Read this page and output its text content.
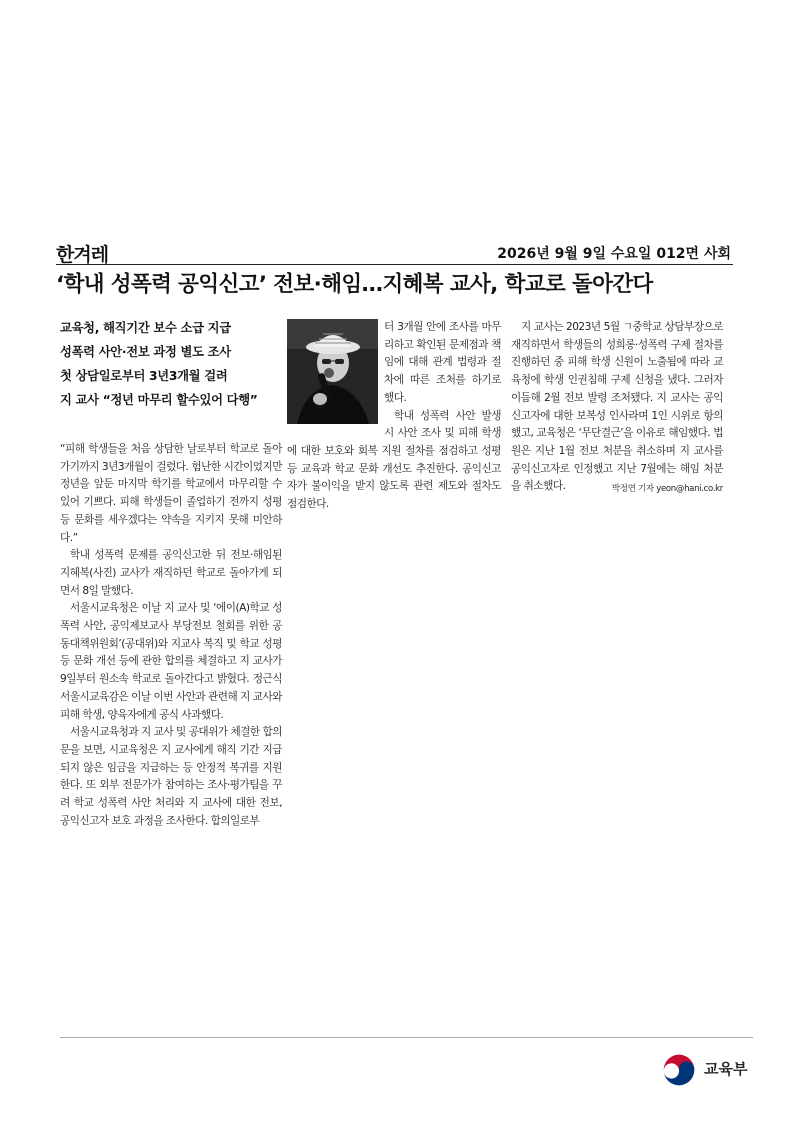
한겨레	2026년 9월 9일 수요일 012면 사회
‘학내 성폭력 공익신고’ 전보·해임…지혜복 교사, 학교로 돌아간다
교육청, 해직기간 보수 소급 지급
성폭력 사안·전보 과정 별도 조사
첫 상담일로부터 3년3개월 걸려
지 교사 “정년 마무리 할수있어 다행”

“피해 학생들을 처음 상담한 날로부터 학교로 돌아가기까지 3년3개월이 걸렸다. 험난한 시간이었지만 정년을 앞둔 마지막 학기를 학교에서 마무리할 수 있어 기쁘다. 피해 학생들이 졸업하기 전까지 성평등 문화를 세우겠다는 약속을 지키지 못해 미안하다.”

학내 성폭력 문제를 공익신고한 뒤 전보·해임된 지혜복(사진) 교사가 재직하던 학교로 돌아가게 되면서 8일 말했다.

서울시교육청은 이날 지 교사 및 ‘에이(A)학교 성폭력 사안, 공익제보교사 부당전보 철회를 위한 공동대책위원회’(공대위)와 지교사 복직 및 학교 성평등 문화 개선 등에 관한 합의를 체결하고 지 교사가 9일부터 원소속 학교로 돌아간다고 밝혔다. 정근식 서울시교육감은 이날 이번 사안과 관련해 지 교사와 피해 학생, 양육자에게 공식 사과했다.

서울시교육청과 지 교사 및 공대위가 체결한 합의문을 보면, 시교육청은 지 교사에게 해직 기간 지급되지 않은 임금을 지급하는 등 안정적 복귀를 지원한다. 또 외부 전문가가 참여하는 조사·평가팀을 꾸려 학교 성폭력 사안 처리와 지 교사에 대한 전보, 공익신고자 보호 과정을 조사한다. 합의일로부

터 3개월 안에 조사를 마무리하고 확인된 문제점과 책임에 대해 관계 법령과 절차에 따른 조처를 하기로 했다.

학내 성폭력 사안 발생 시 사안 조사 및 피해 학생에 대한 보호와 회복 지원 절차를 점검하고 성평등 교육과 학교 문화 개선도 추진한다. 공익신고자가 불이익을 받지 않도록 관련 제도와 절차도 점검한다.

지 교사는 2023년 5월 ㄱ중학교 상담부장으로 재직하면서 학생들의 성희롱·성폭력 구제 절차를 진행하던 중 피해 학생 신원이 노출됨에 따라 교육청에 학생 인권침해 구제 신청을 냈다. 그러자 이듬해 2월 전보 발령 조처됐다. 지 교사는 공익신고자에 대한 보복성 인사라며 1인 시위로 항의했고, 교육청은 ‘무단결근’을 이유로 해임했다. 법원은 지난 1월 전보 처분을 취소하며 지 교사를 공익신고자로 인정했고 지난 7월에는 해임 처분을 취소했다.	박정연 기자 yeon@hani.co.kr
교육부
